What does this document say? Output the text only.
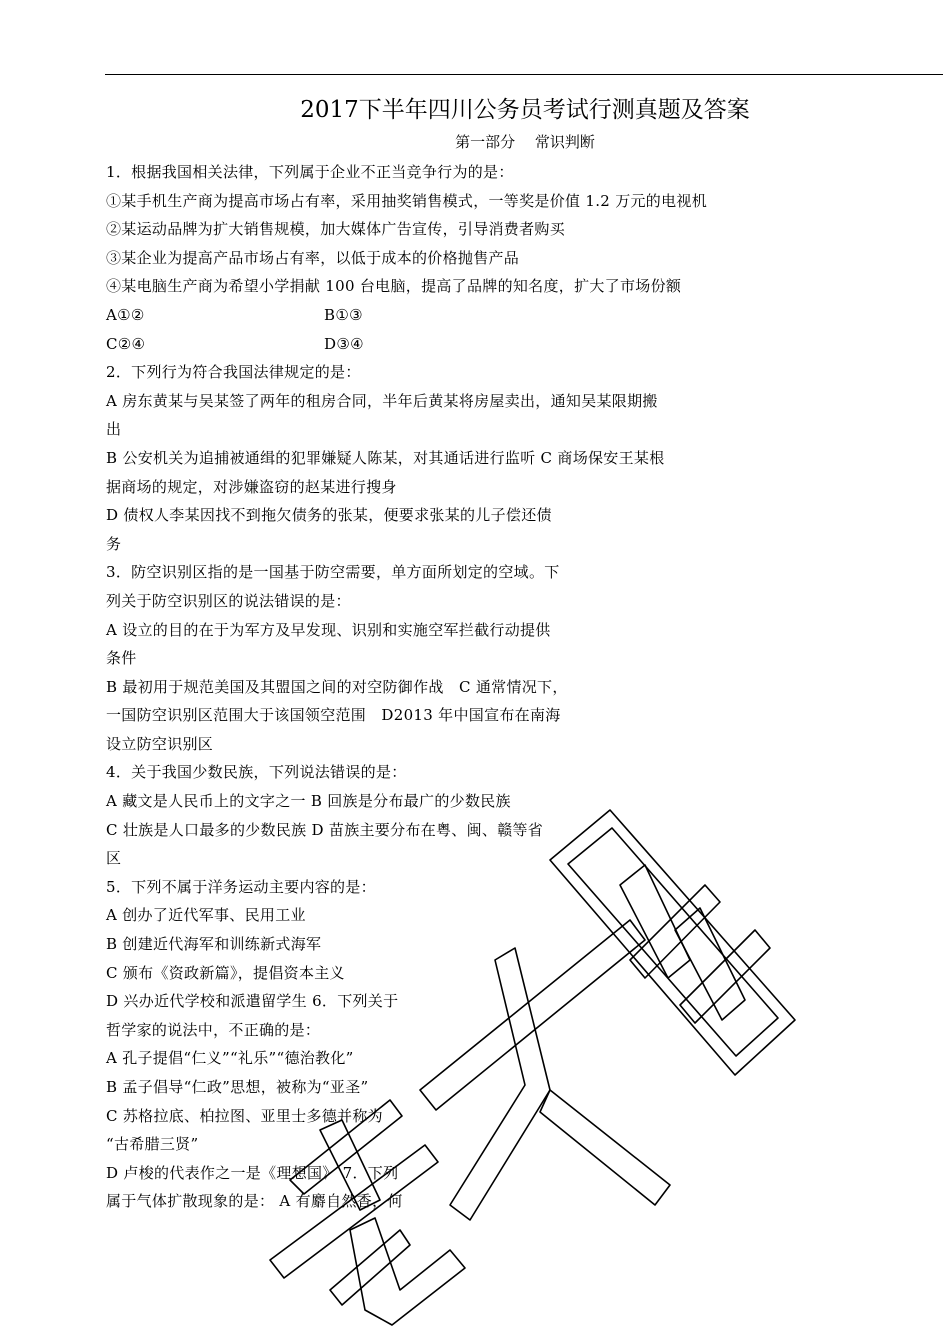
2017下半年四川公务员考试行测真题及答案
第一部分　 常识判断
1．根据我国相关法律，下列属于企业不正当竞争行为的是：
①某手机生产商为提高市场占有率，采用抽奖销售模式，一等奖是价值 1.2 万元的电视机
②某运动品牌为扩大销售规模，加大媒体广告宣传，引导消费者购买
③某企业为提高产品市场占有率，以低于成本的价格抛售产品
④某电脑生产商为希望小学捐献 100 台电脑，提高了品牌的知名度，扩大了市场份额
A①②	B①③
C②④	D③④
2．下列行为符合我国法律规定的是：
A 房东黄某与吴某签了两年的租房合同，半年后黄某将房屋卖出，通知吴某限期搬
出
B 公安机关为追捕被通缉的犯罪嫌疑人陈某，对其通话进行监听 C 商场保安王某根
据商场的规定，对涉嫌盗窃的赵某进行搜身
D 债权人李某因找不到拖欠债务的张某，便要求张某的儿子偿还债
务
3．防空识别区指的是一国基于防空需要，单方面所划定的空域。下
列关于防空识别区的说法错误的是：
A 设立的目的在于为军方及早发现、识别和实施空军拦截行动提供
条件
B 最初用于规范美国及其盟国之间的对空防御作战　C 通常情况下，
一国防空识别区范围大于该国领空范围　D2013 年中国宣布在南海
设立防空识别区
4．关于我国少数民族，下列说法错误的是：
A 藏文是人民币上的文字之一 B 回族是分布最广的少数民族
C 壮族是人口最多的少数民族 D 苗族主要分布在粤、闽、赣等省
区
5．下列不属于洋务运动主要内容的是：
A 创办了近代军事、民用工业
B 创建近代海军和训练新式海军
C 颁布《资政新篇》，提倡资本主义
D 兴办近代学校和派遣留学生 6．下列关于
哲学家的说法中，不正确的是：
A 孔子提倡“仁义”“礼乐”“德治教化”
B 孟子倡导“仁政”思想，被称为“亚圣”
C 苏格拉底、柏拉图、亚里士多德并称为
“古希腊三贤”
D 卢梭的代表作之一是《理想国》 7．下列
属于气体扩散现象的是： A 有麝自然香，何
